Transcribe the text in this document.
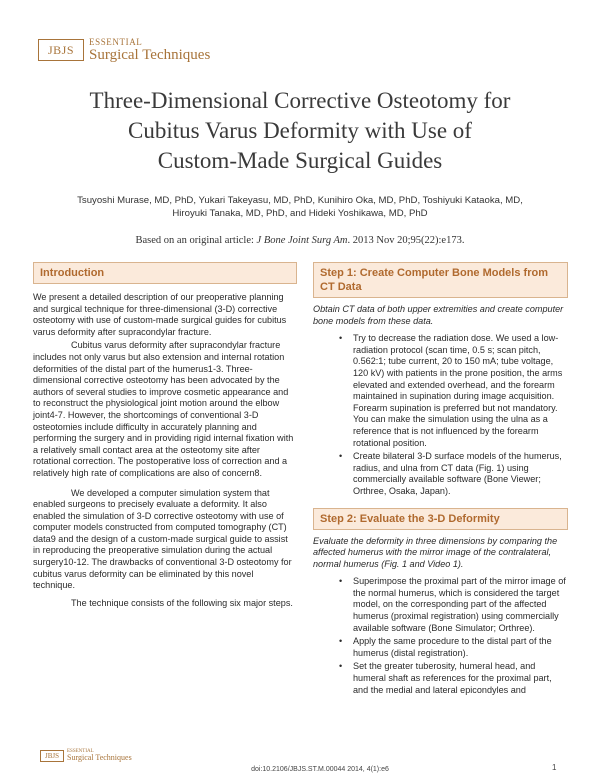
JBJS
ESSENTIAL
Surgical Techniques
Three-Dimensional Corrective Osteotomy for
Cubitus Varus Deformity with Use of
Custom-Made Surgical Guides
Tsuyoshi Murase, MD, PhD, Yukari Takeyasu, MD, PhD, Kunihiro Oka, MD, PhD, Toshiyuki Kataoka, MD,
Hiroyuki Tanaka, MD, PhD, and Hideki Yoshikawa, MD, PhD
Based on an original article: J Bone Joint Surg Am. 2013 Nov 20;95(22):e173.
Introduction

We present a detailed description of our preoperative planning and surgical technique for three-dimensional (3-D) corrective osteotomy with use of custom-made surgical guides for cubitus varus deformity after supracondylar fracture.

Cubitus varus deformity after supracondylar fracture includes not only varus but also extension and internal rotation deformities of the distal part of the humerus1-3. Three-dimensional corrective osteotomy has been advocated by the authors of several studies to improve cosmetic appearance and to reconstruct the physiological joint motion around the elbow joint4-7. However, the shortcomings of conventional 3-D osteotomies include difficulty in accurately planning and performing the surgery and in providing rigid internal fixation with a relatively small contact area at the osteotomy site after rotational correction. The postoperative loss of correction and a relatively high rate of complications are also of concern8.

We developed a computer simulation system that enabled surgeons to precisely evaluate a deformity. It also enabled the simulation of 3-D corrective osteotomy with use of computer models constructed from computed tomography (CT) data9 and the design of a custom-made surgical guide to assist in reproducing the preoperative simulation during the actual surgery10-12. The drawbacks of conventional 3-D osteotomy for cubitus varus deformity can be eliminated by this novel technique.

The technique consists of the following six major steps.

Step 1: Create Computer Bone Models from CT Data

Obtain CT data of both upper extremities and create computer bone models from these data.

• Try to decrease the radiation dose. We used a low-radiation protocol (scan time, 0.5 s; scan pitch, 0.562:1; tube current, 20 to 150 mA; tube voltage, 120 kV) with patients in the prone position, the arms elevated and extended overhead, and the forearm maintained in supination during image acquisition. Forearm supination is preferred but not mandatory. You can make the simulation using the ulna as a reference that is not influenced by the forearm rotational position.
• Create bilateral 3-D surface models of the humerus, radius, and ulna from CT data (Fig. 1) using commercially available software (Bone Viewer; Orthree, Osaka, Japan).
Step 2: Evaluate the 3-D Deformity

Evaluate the deformity in three dimensions by comparing the affected humerus with the mirror image of the contralateral, normal humerus (Fig. 1 and Video 1).

• Superimpose the proximal part of the mirror image of the normal humerus, which is considered the target model, on the corresponding part of the affected humerus (proximal registration) using commercially available software (Bone Simulator; Orthree).
• Apply the same procedure to the distal part of the humerus (distal registration).
• Set the greater tuberosity, humeral head, and humeral shaft as references for the proximal part, and the medial and lateral epicondyles and
JBJS	ESSENTIAL
Surgical Techniques
doi:10.2106/JBJS.ST.M.00044 2014, 4(1):e6	1
